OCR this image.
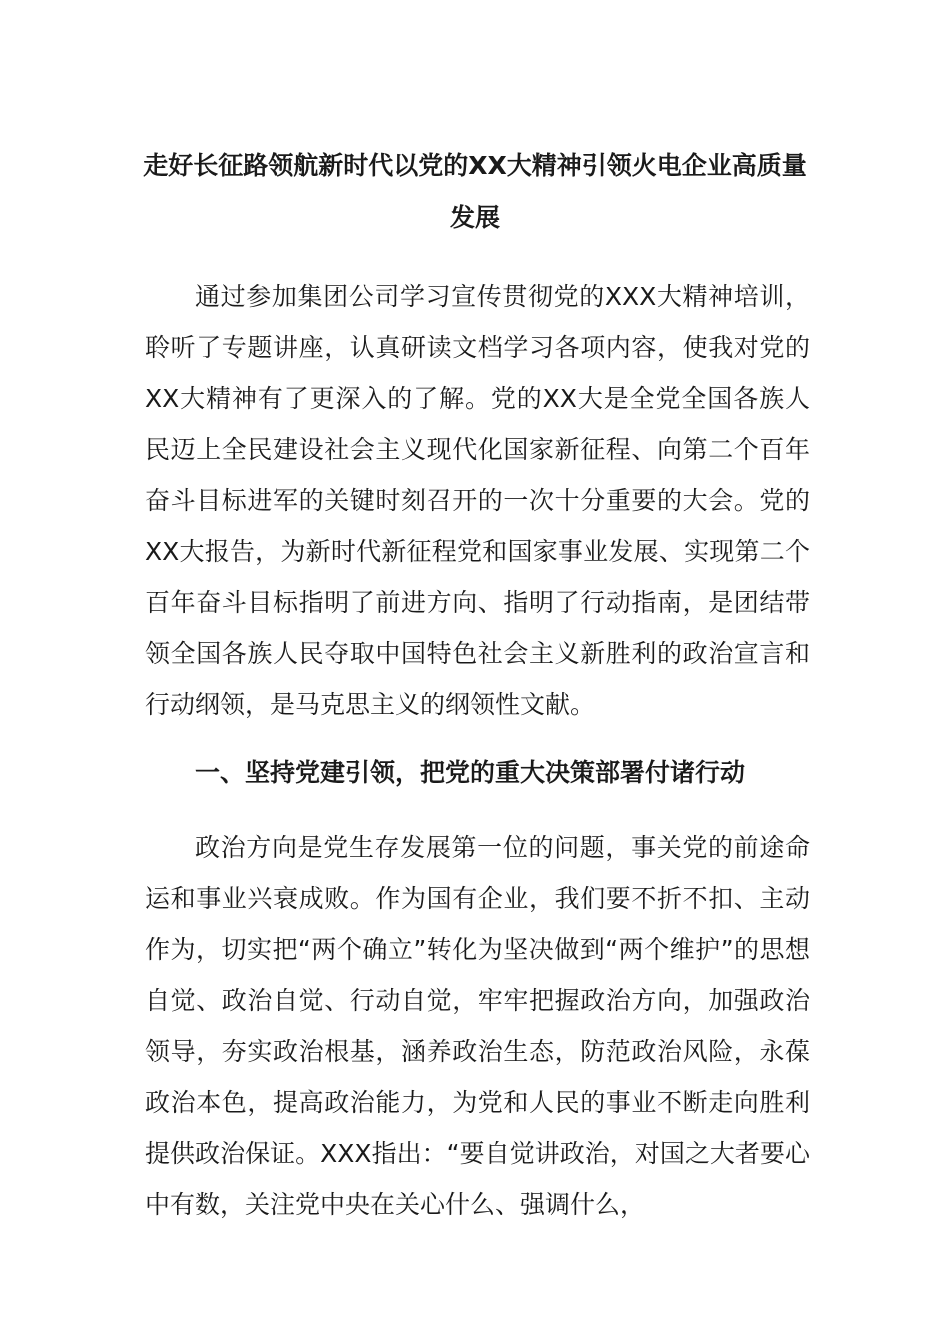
走好长征路领航新时代以党的XX大精神引领火电企业高质量发展

通过参加集团公司学习宣传贯彻党的XXX大精神培训，聆听了专题讲座，认真研读文档学习各项内容，使我对党的XX大精神有了更深入的了解。党的XX大是全党全国各族人民迈上全民建设社会主义现代化国家新征程、向第二个百年奋斗目标进军的关键时刻召开的一次十分重要的大会。党的XX大报告，为新时代新征程党和国家事业发展、实现第二个百年奋斗目标指明了前进方向、指明了行动指南，是团结带领全国各族人民夺取中国特色社会主义新胜利的政治宣言和行动纲领，是马克思主义的纲领性文献。

一、坚持党建引领，把党的重大决策部署付诸行动

政治方向是党生存发展第一位的问题，事关党的前途命运和事业兴衰成败。作为国有企业，我们要不折不扣、主动作为，切实把“两个确立”转化为坚决做到“两个维护”的思想自觉、政治自觉、行动自觉，牢牢把握政治方向，加强政治领导，夯实政治根基，涵养政治生态，防范政治风险，永葆政治本色，提高政治能力，为党和人民的事业不断走向胜利提供政治保证。XXX指出：“要自觉讲政治，对国之大者要心中有数，关注党中央在关心什么、强调什么，
